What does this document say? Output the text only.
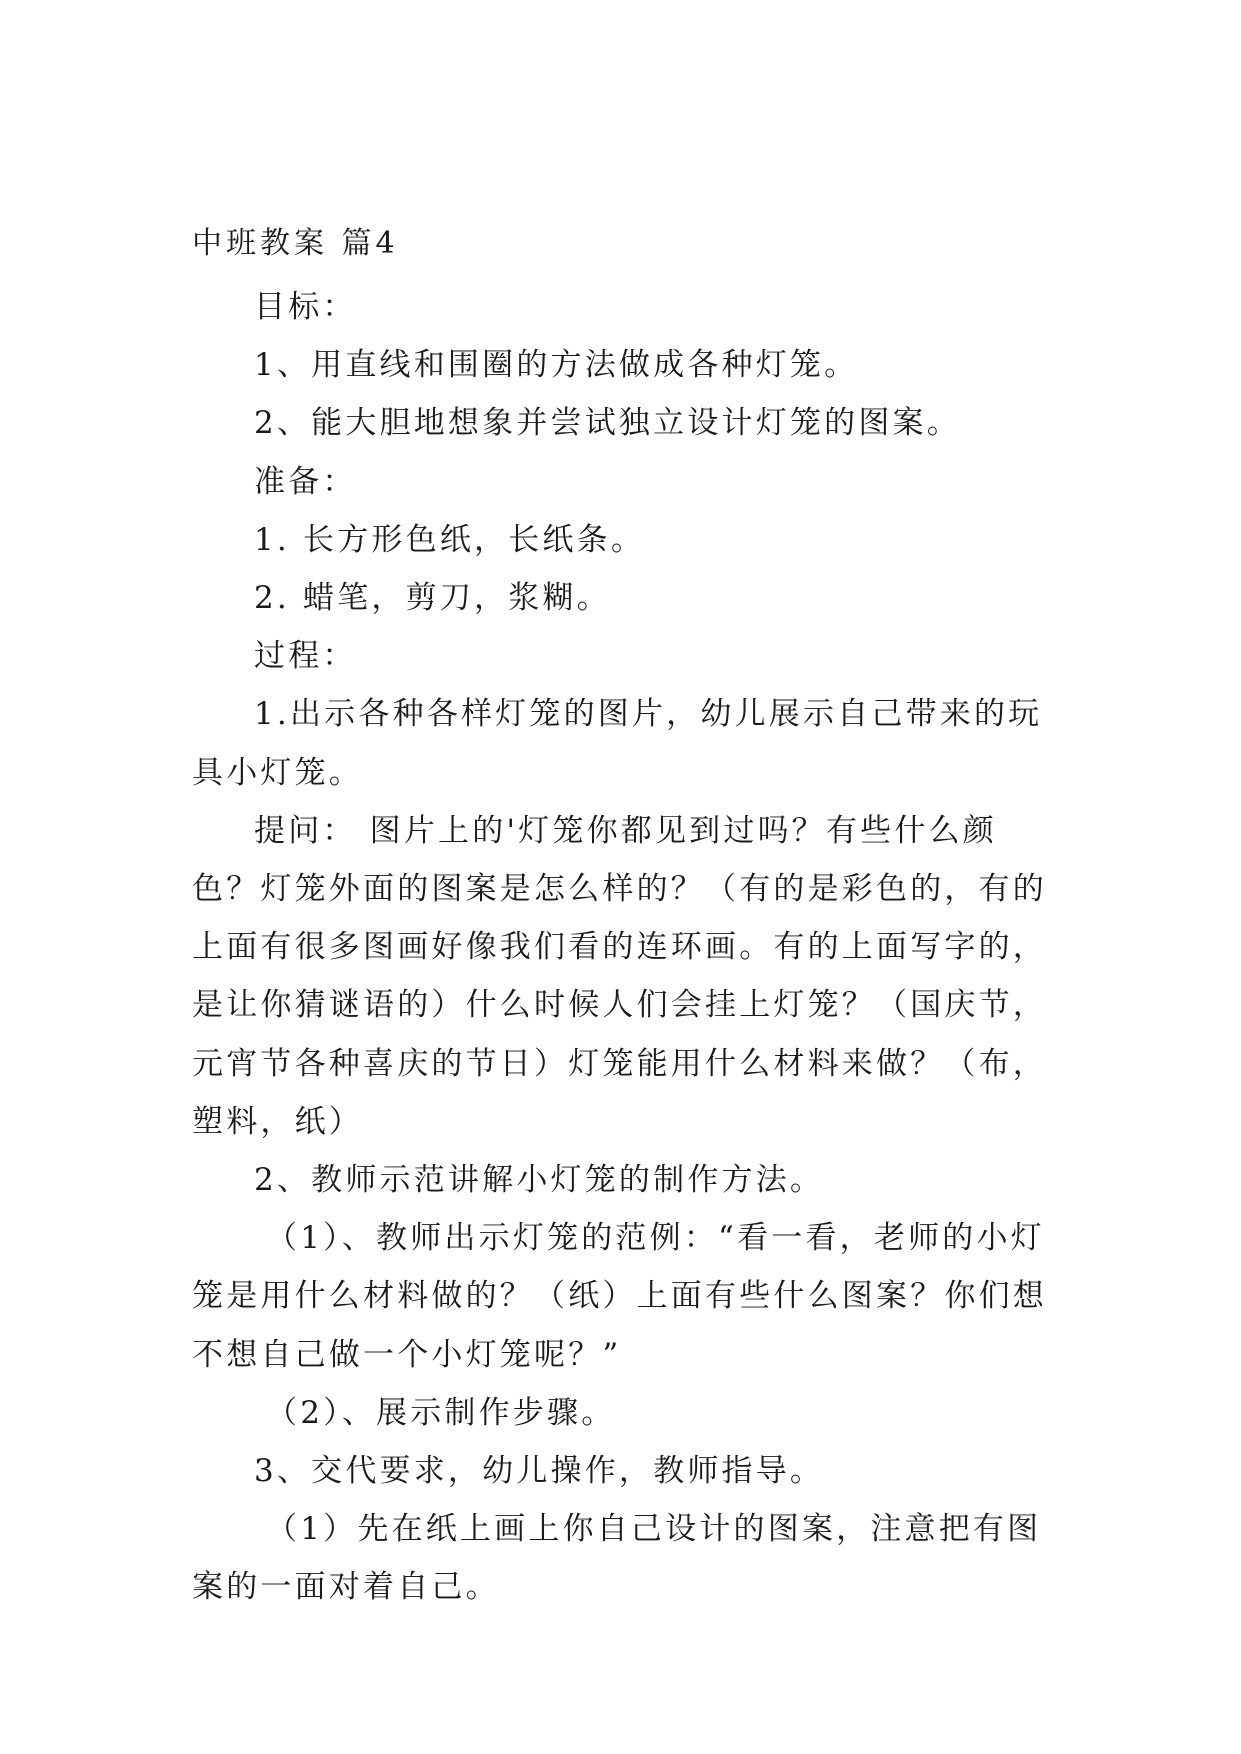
中班教案 篇4

目标：

1、用直线和围圈的方法做成各种灯笼。

2、能大胆地想象并尝试独立设计灯笼的图案。

准备：

1. 长方形色纸，长纸条。

2. 蜡笔，剪刀，浆糊。

过程：

1.出示各种各样灯笼的图片，幼儿展示自己带来的玩具小灯笼。

提问： 图片上的'灯笼你都见到过吗？有些什么颜色？灯笼外面的图案是怎么样的？（有的是彩色的，有的上面有很多图画好像我们看的连环画。有的上面写字的，是让你猜谜语的）什么时候人们会挂上灯笼？（国庆节，元宵节各种喜庆的节日）灯笼能用什么材料来做？（布，塑料，纸）

2、教师示范讲解小灯笼的制作方法。

（1）、教师出示灯笼的范例：“看一看，老师的小灯笼是用什么材料做的？（纸）上面有些什么图案？你们想不想自己做一个小灯笼呢？”

（2）、展示制作步骤。

3、交代要求，幼儿操作，教师指导。

（1）先在纸上画上你自己设计的图案，注意把有图案的一面对着自己。
